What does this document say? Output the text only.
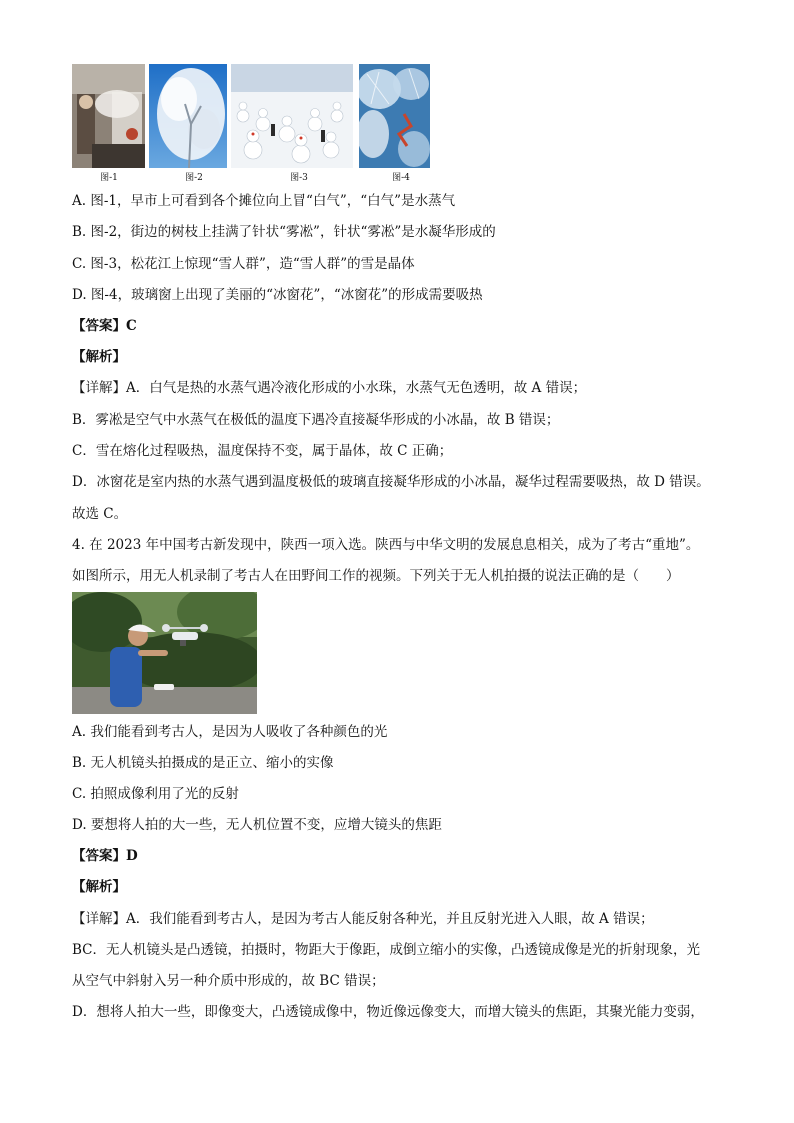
图-1	图-2	图-3	图-4
A. 图-1，早市上可看到各个摊位向上冒“白气”，“白气”是水蒸气
B. 图-2，街边的树枝上挂满了针状“雾凇”，针状“雾凇”是水凝华形成的
C. 图-3，松花江上惊现“雪人群”，造“雪人群”的雪是晶体
D. 图-4，玻璃窗上出现了美丽的“冰窗花”，“冰窗花”的形成需要吸热
【答案】C
【解析】
【详解】A．白气是热的水蒸气遇冷液化形成的小水珠，水蒸气无色透明，故 A 错误；
B．雾凇是空气中水蒸气在极低的温度下遇冷直接凝华形成的小冰晶，故 B 错误；
C．雪在熔化过程吸热，温度保持不变，属于晶体，故 C 正确；
D．冰窗花是室内热的水蒸气遇到温度极低的玻璃直接凝华形成的小冰晶，凝华过程需要吸热，故 D 错误。
故选 C。
4. 在 2023 年中国考古新发现中，陕西一项入选。陕西与中华文明的发展息息相关，成为了考古“重地”。
如图所示，用无人机录制了考古人在田野间工作的视频。下列关于无人机拍摄的说法正确的是（　　）
A. 我们能看到考古人，是因为人吸收了各种颜色的光
B. 无人机镜头拍摄成的是正立、缩小的实像
C. 拍照成像利用了光的反射
D. 要想将人拍的大一些，无人机位置不变，应增大镜头的焦距
【答案】D
【解析】
【详解】A．我们能看到考古人，是因为考古人能反射各种光，并且反射光进入人眼，故 A 错误；
BC．无人机镜头是凸透镜，拍摄时，物距大于像距，成倒立缩小的实像，凸透镜成像是光的折射现象，光
从空气中斜射入另一种介质中形成的，故 BC 错误；
D．想将人拍大一些，即像变大，凸透镜成像中，物近像远像变大，而增大镜头的焦距，其聚光能力变弱，
